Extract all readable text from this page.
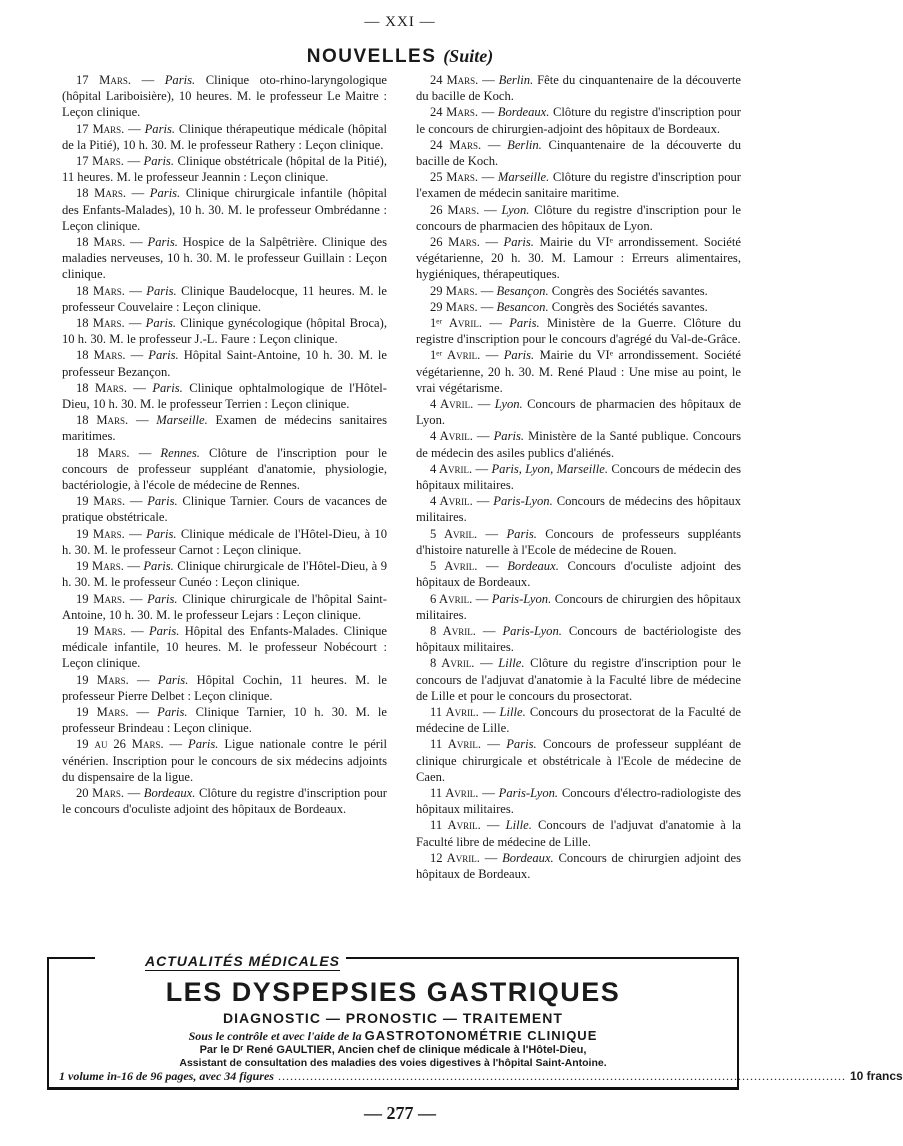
— XXI —
NOUVELLES (Suite)

17 Mars. — Paris. Clinique oto-rhino-laryngologique (hôpital Lariboisière), 10 heures. M. le professeur Le Maitre : Leçon clinique.

17 Mars. — Paris. Clinique thérapeutique médicale (hôpital de la Pitié), 10 h. 30. M. le professeur Rathery : Leçon clinique.

17 Mars. — Paris. Clinique obstétricale (hôpital de la Pitié), 11 heures. M. le professeur Jeannin : Leçon clinique.

18 Mars. — Paris. Clinique chirurgicale infantile (hôpital des Enfants-Malades), 10 h. 30. M. le professeur Ombrédanne : Leçon clinique.

18 Mars. — Paris. Hospice de la Salpêtrière. Clinique des maladies nerveuses, 10 h. 30. M. le professeur Guillain : Leçon clinique.

18 Mars. — Paris. Clinique Baudelocque, 11 heures. M. le professeur Couvelaire : Leçon clinique.

18 Mars. — Paris. Clinique gynécologique (hôpital Broca), 10 h. 30. M. le professeur J.-L. Faure : Leçon clinique.

18 Mars. — Paris. Hôpital Saint-Antoine, 10 h. 30. M. le professeur Bezançon.

18 Mars. — Paris. Clinique ophtalmologique de l'Hôtel-Dieu, 10 h. 30. M. le professeur Terrien : Leçon clinique.

18 Mars. — Marseille. Examen de médecins sanitaires maritimes.

18 Mars. — Rennes. Clôture de l'inscription pour le concours de professeur suppléant d'anatomie, physiologie, bactériologie, à l'école de médecine de Rennes.

19 Mars. — Paris. Clinique Tarnier. Cours de vacances de pratique obstétricale.

19 Mars. — Paris. Clinique médicale de l'Hôtel-Dieu, à 10 h. 30. M. le professeur Carnot : Leçon clinique.

19 Mars. — Paris. Clinique chirurgicale de l'Hôtel-Dieu, à 9 h. 30. M. le professeur Cunéo : Leçon clinique.

19 Mars. — Paris. Clinique chirurgicale de l'hôpital Saint-Antoine, 10 h. 30. M. le professeur Lejars : Leçon clinique.

19 Mars. — Paris. Hôpital des Enfants-Malades. Clinique médicale infantile, 10 heures. M. le professeur Nobécourt : Leçon clinique.

19 Mars. — Paris. Hôpital Cochin, 11 heures. M. le professeur Pierre Delbet : Leçon clinique.

19 Mars. — Paris. Clinique Tarnier, 10 h. 30. M. le professeur Brindeau : Leçon clinique.

19 au 26 Mars. — Paris. Ligue nationale contre le péril vénérien. Inscription pour le concours de six médecins adjoints du dispensaire de la ligue.

20 Mars. — Bordeaux. Clôture du registre d'inscription pour le concours d'oculiste adjoint des hôpitaux de Bordeaux.

24 Mars. — Berlin. Fête du cinquantenaire de la découverte du bacille de Koch.

24 Mars. — Bordeaux. Clôture du registre d'inscription pour le concours de chirurgien-adjoint des hôpitaux de Bordeaux.

24 Mars. — Berlin. Cinquantenaire de la découverte du bacille de Koch.

25 Mars. — Marseille. Clôture du registre d'inscription pour l'examen de médecin sanitaire maritime.

26 Mars. — Lyon. Clôture du registre d'inscription pour le concours de pharmacien des hôpitaux de Lyon.

26 Mars. — Paris. Mairie du VIᵉ arrondissement. Société végétarienne, 20 h. 30. M. Lamour : Erreurs alimentaires, hygiéniques, thérapeutiques.

29 Mars. — Besançon. Congrès des Sociétés savantes.

29 Mars. — Besancon. Congrès des Sociétés savantes.

1ᵉʳ Avril. — Paris. Ministère de la Guerre. Clôture du registre d'inscription pour le concours d'agrégé du Val-de-Grâce.

1ᵉʳ Avril. — Paris. Mairie du VIᵉ arrondissement. Société végétarienne, 20 h. 30. M. René Plaud : Une mise au point, le vrai végétarisme.

4 Avril. — Lyon. Concours de pharmacien des hôpitaux de Lyon.

4 Avril. — Paris. Ministère de la Santé publique. Concours de médecin des asiles publics d'aliénés.

4 Avril. — Paris, Lyon, Marseille. Concours de médecin des hôpitaux militaires.

4 Avril. — Paris-Lyon. Concours de médecins des hôpitaux militaires.

5 Avril. — Paris. Concours de professeurs suppléants d'histoire naturelle à l'Ecole de médecine de Rouen.

5 Avril. — Bordeaux. Concours d'oculiste adjoint des hôpitaux de Bordeaux.

6 Avril. — Paris-Lyon. Concours de chirurgien des hôpitaux militaires.

8 Avril. — Paris-Lyon. Concours de bactériologiste des hôpitaux militaires.

8 Avril. — Lille. Clôture du registre d'inscription pour le concours de l'adjuvat d'anatomie à la Faculté libre de médecine de Lille et pour le concours du prosectorat.

11 Avril. — Lille. Concours du prosectorat de la Faculté de médecine de Lille.

11 Avril. — Paris. Concours de professeur suppléant de clinique chirurgicale et obstétricale à l'Ecole de médecine de Caen.

11 Avril. — Paris-Lyon. Concours d'électro-radiologiste des hôpitaux militaires.

11 Avril. — Lille. Concours de l'adjuvat d'anatomie à la Faculté libre de médecine de Lille.

12 Avril. — Bordeaux. Concours de chirurgien adjoint des hôpitaux de Bordeaux.

ACTUALITÉS MÉDICALES
LES DYSPEPSIES GASTRIQUES
DIAGNOSTIC — PRONOSTIC — TRAITEMENT
Sous le contrôle et avec l'aide de la GASTROTONOMÉTRIE CLINIQUE
Par le Dʳ René GAULTIER, Ancien chef de clinique médicale à l'Hôtel-Dieu,
Assistant de consultation des maladies des voies digestives à l'hôpital Saint-Antoine.
1 volume in-16 de 96 pages, avec 34 figures .............................................................................................................................................. 10 francs
— 277 —
